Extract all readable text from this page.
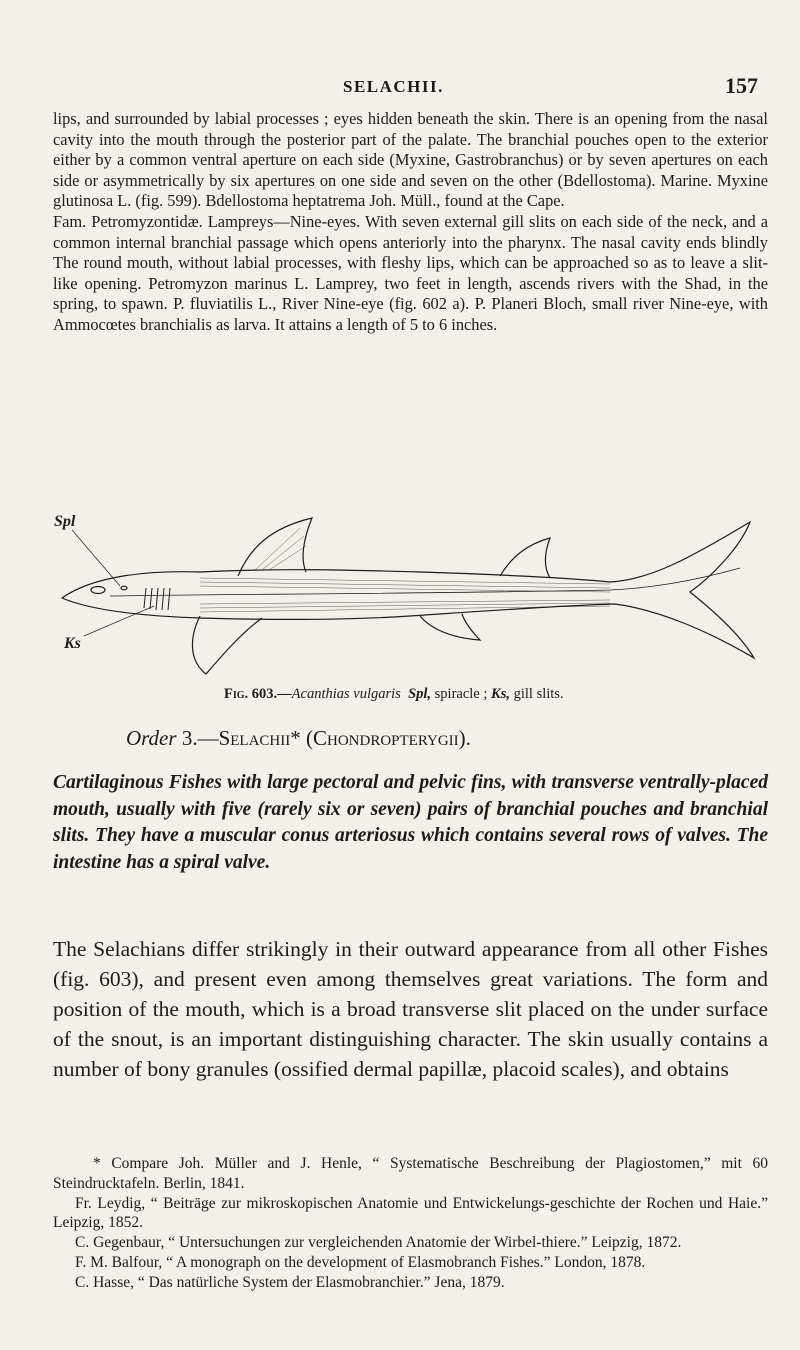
SELACHII.	157

lips, and surrounded by labial processes ; eyes hidden beneath the skin. There is an opening from the nasal cavity into the mouth through the posterior part of the palate. The branchial pouches open to the exterior either by a common ventral aperture on each side (Myxine, Gastrobranchus) or by seven apertures on each side or asymmetrically by six apertures on one side and seven on the other (Bdellostoma). Marine. Myxine glutinosa L. (fig. 599). Bdellostoma heptatrema Joh. Müll., found at the Cape.

Fam. Petromyzontidæ. Lampreys—Nine-eyes. With seven external gill slits on each side of the neck, and a common internal branchial passage which opens anteriorly into the pharynx. The nasal cavity ends blindly The round mouth, without labial processes, with fleshy lips, which can be approached so as to leave a slit-like opening. Petromyzon marinus L. Lamprey, two feet in length, ascends rivers with the Shad, in the spring, to spawn. P. fluviatilis L., River Nine-eye (fig. 602 a). P. Planeri Bloch, small river Nine-eye, with Ammocœtes branchialis as larva. It attains a length of 5 to 6 inches.

Spl
Ks
Fig. 603.—Acanthias vulgaris Spl, spiracle ; Ks, gill slits.
Order 3.—Selachii* (Chondropterygii).

Cartilaginous Fishes with large pectoral and pelvic fins, with transverse ventrally-placed mouth, usually with five (rarely six or seven) pairs of branchial pouches and branchial slits. They have a muscular conus arteriosus which contains several rows of valves. The intestine has a spiral valve.

The Selachians differ strikingly in their outward appearance from all other Fishes (fig. 603), and present even among themselves great variations. The form and position of the mouth, which is a broad transverse slit placed on the under surface of the snout, is an important distinguishing character. The skin usually contains a number of bony granules (ossified dermal papillæ, placoid scales), and obtains

* Compare Joh. Müller and J. Henle, “ Systematische Beschreibung der Plagiostomen,” mit 60 Steindrucktafeln. Berlin, 1841.

Fr. Leydig, “ Beiträge zur mikroskopischen Anatomie und Entwickelungs-geschichte der Rochen und Haie.” Leipzig, 1852.

C. Gegenbaur, “ Untersuchungen zur vergleichenden Anatomie der Wirbel-thiere.” Leipzig, 1872.

F. M. Balfour, “ A monograph on the development of Elasmobranch Fishes.” London, 1878.

C. Hasse, “ Das natürliche System der Elasmobranchier.” Jena, 1879.
